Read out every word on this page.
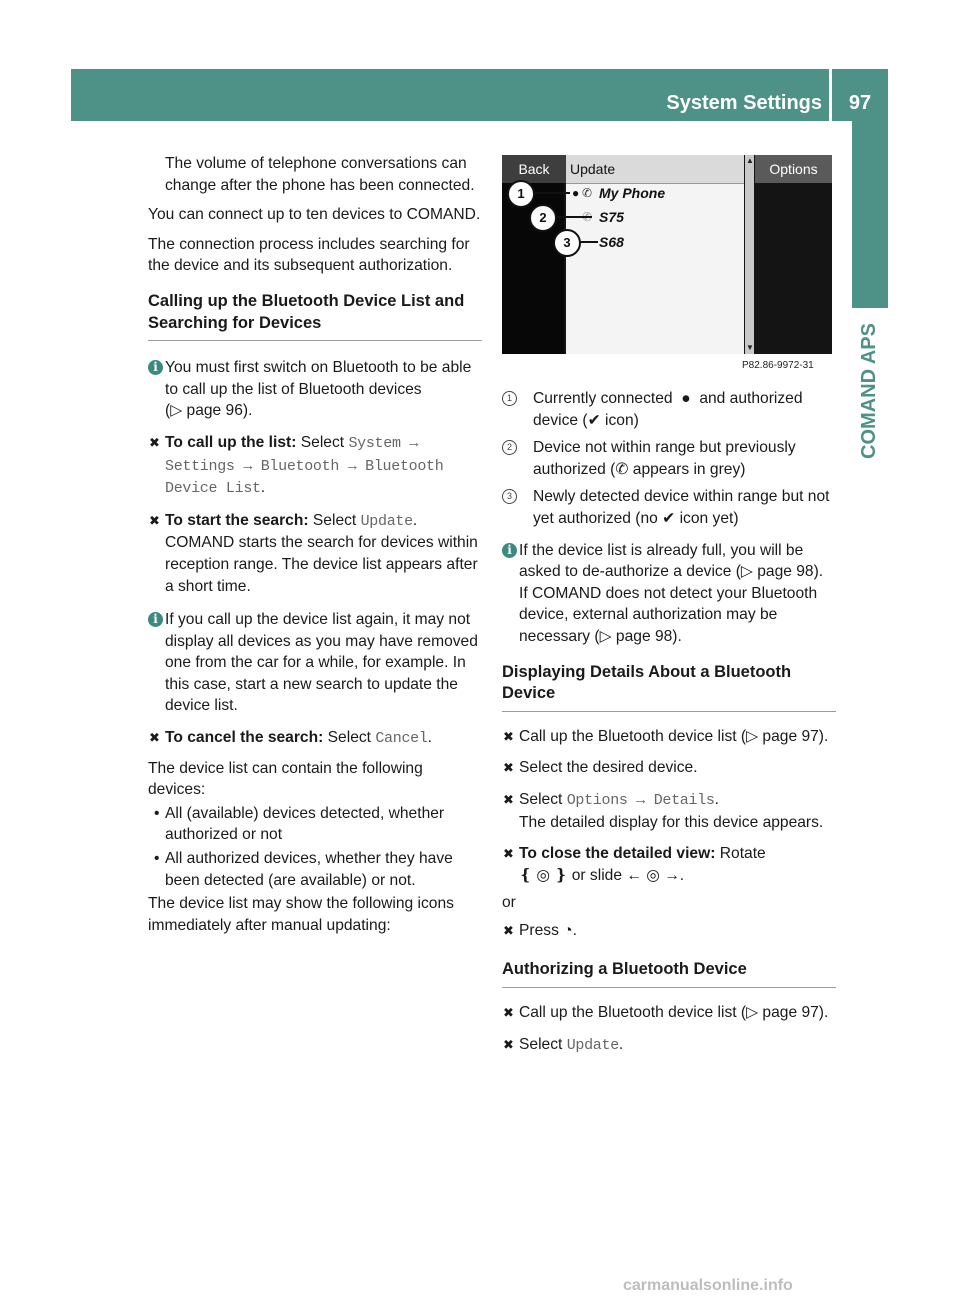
System Settings	97
COMAND APS

The volume of telephone conversations can change after the phone has been connected.

You can connect up to ten devices to COMAND.

The connection process includes searching for the device and its subsequent authorization.

Calling up the Bluetooth Device List and Searching for Devices
i You must first switch on Bluetooth to be able to call up the list of Bluetooth devices
(▷ page 96).
✖ To call up the list: Select System → Settings → Bluetooth → Bluetooth Device List.
✖ To start the search: Select Update.
COMAND starts the search for devices within reception range. The device list appears after a short time.
i If you call up the device list again, it may not display all devices as you may have removed one from the car for a while, for example. In this case, start a new search to update the device list.
✖ To cancel the search: Select Cancel.

The device list can contain the following devices:

• All (available) devices detected, whether authorized or not
• All authorized devices, whether they have been detected (are available) or not.

The device list may show the following icons immediately after manual updating:

Back	Update
▲
▼
Options
● ✆ My Phone
S75
S68
1
2
3
P82.86-9972-31
1	Currently connected ● and authorized device (✔ icon)
2	Device not within range but previously authorized (✆ appears in grey)
3	Newly detected device within range but not yet authorized (no ✔ icon yet)
i If the device list is already full, you will be asked to de-authorize a device (▷ page 98). If COMAND does not detect your Bluetooth device, external authorization may be necessary (▷ page 98).
Displaying Details About a Bluetooth Device
✖ Call up the Bluetooth device list (▷ page 97).
✖ Select the desired device.
✖ Select Options → Details.
The detailed display for this device appears.
✖ To close the detailed view: Rotate
❴ ◎ ❵ or slide ← ◎ →.

or

✖ Press ◔.
Authorizing a Bluetooth Device
✖ Call up the Bluetooth device list (▷ page 97).
✖ Select Update.
carmanualsonline.info
